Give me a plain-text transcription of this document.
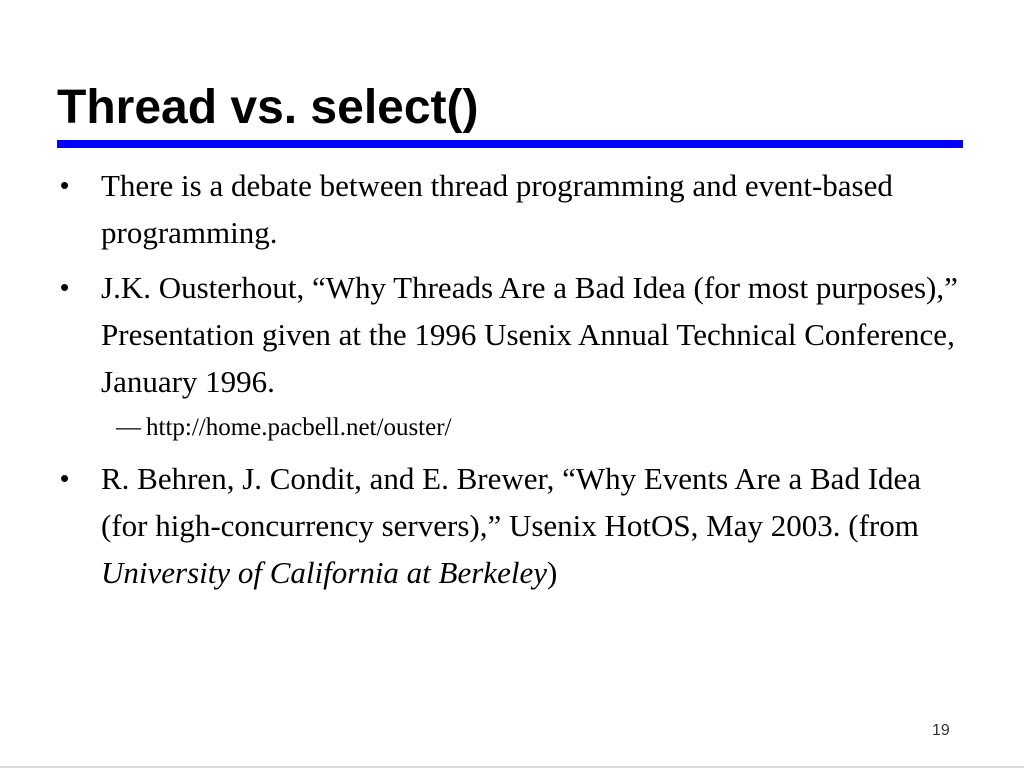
Thread vs. select()

• There is a debate between thread programming and event-based programming.

• J.K. Ousterhout, “Why Threads Are a Bad Idea (for most purposes),” Presentation given at the 1996 Usenix Annual Technical Conference, January 1996.

— http://home.pacbell.net/ouster/

• R. Behren, J. Condit, and E. Brewer, “Why Events Are a Bad Idea (for high-concurrency servers),” Usenix HotOS, May 2003. (from University of California at Berkeley)

19
